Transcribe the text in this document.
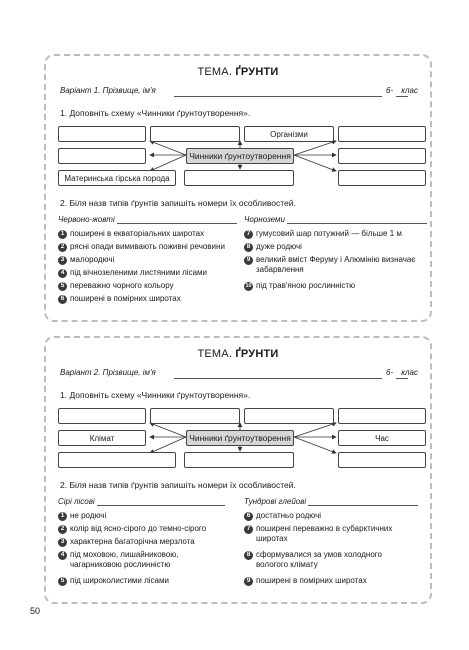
ТЕМА. ҐРУНТИ
Варіант 1. Прізвище, ім'я	6- клас
1. Доповніть схему «Чинники ґрунтоутворення».
Організми
Чинники ґрунтоутворення
Материнська гірська порода
2. Біля назв типів ґрунтів запишіть номери їх особливостей.
Червоно-жовті	Чорноземи
1 поширені в екваторіальних широтах
2 рясні опади вимивають поживні речовини
3 малородючі
4 під вічнозеленими листяними лісами
5 переважно чорного кольору
6 поширені в помірних широтах
7 гумусовий шар потужний — більше 1 м
8 дуже родючі
9 великий вміст Феруму і Алюмінію визначає
забарвлення
10 під трав'яною рослинністю
ТЕМА. ҐРУНТИ
Варіант 2. Прізвище, ім'я	6- клас
1. Доповніть схему «Чинники ґрунтоутворення».
Клімат	Чинники ґрунтоутворення	Час
2. Біля назв типів ґрунтів запишіть номери їх особливостей.
Сірі лісові	Тундрові глейові
1 не родючі
2 колір від ясно-сірого до темно-сірого
3 характерна багаторічна мерзлота
4 під моховою, лишайниковою,
чагарниковою рослинністю
5 під широколистими лісами
6 достатньо родючі
7 поширені переважно в субарктичних
широтах
8 сформувалися за умов холодного
вологого клімату
9 поширені в помірних широтах
50
